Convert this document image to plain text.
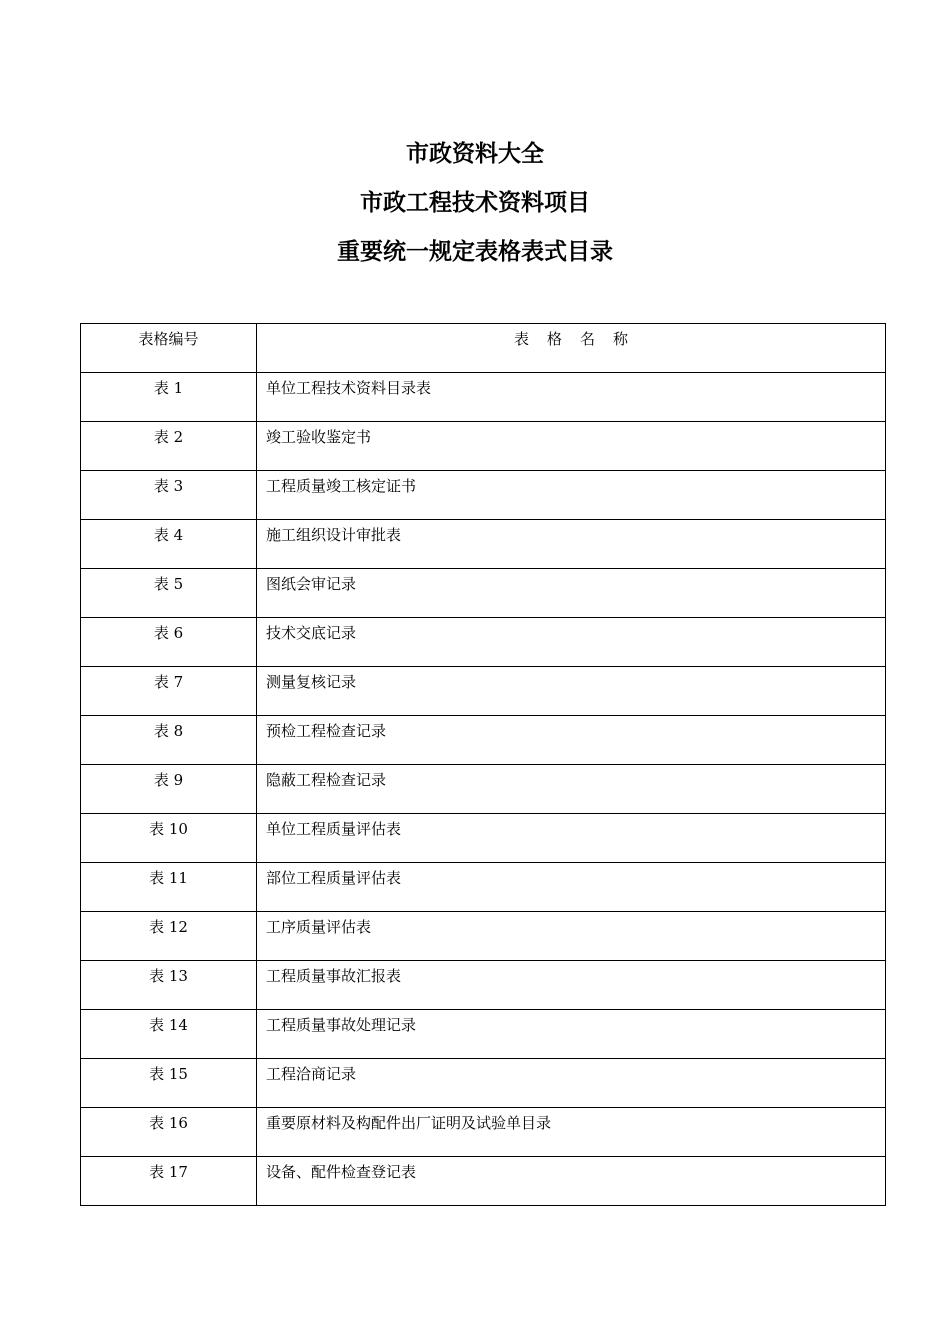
市政资料大全
市政工程技术资料项目
重要统一规定表格表式目录
表格编号	表格名称

表 1	单位工程技术资料目录表

表 2	竣工验收鉴定书

表 3	工程质量竣工核定证书

表 4	施工组织设计审批表

表 5	图纸会审记录

表 6	技术交底记录

表 7	测量复核记录

表 8	预检工程检查记录

表 9	隐蔽工程检查记录

表 10	单位工程质量评估表

表 11	部位工程质量评估表

表 12	工序质量评估表

表 13	工程质量事故汇报表

表 14	工程质量事故处理记录

表 15	工程洽商记录

表 16	重要原材料及构配件出厂证明及试验单目录

表 17	设备、配件检查登记表
